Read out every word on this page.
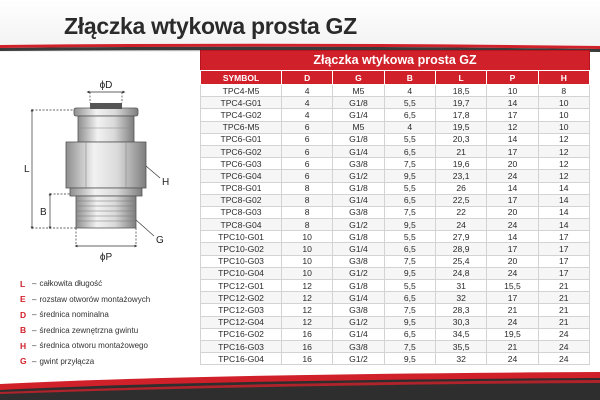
Złączka wtykowa prosta GZ
ϕD
L
B
ϕP
H
G
L – całkowita długość
E – rozstaw otworów montażowych
D – średnica nominalna
B – średnica zewnętrzna gwintu
H – średnica otworu montażowego
G – gwint przyłącza
Złączka wtykowa prosta GZ
SYMBOL	D	G	B	L	P	H
TPC4-M5	4	M5	4	18,5	10	8
TPC4-G01	4	G1/8	5,5	19,7	14	10
TPC4-G02	4	G1/4	6,5	17,8	17	10
TPC6-M5	6	M5	4	19,5	12	10
TPC6-G01	6	G1/8	5,5	20,3	14	12
TPC6-G02	6	G1/4	6,5	21	17	12
TPC6-G03	6	G3/8	7,5	19,6	20	12
TPC6-G04	6	G1/2	9,5	23,1	24	12
TPC8-G01	8	G1/8	5,5	26	14	14
TPC8-G02	8	G1/4	6,5	22,5	17	14
TPC8-G03	8	G3/8	7,5	22	20	14
TPC8-G04	8	G1/2	9,5	24	24	14
TPC10-G01	10	G1/8	5,5	27,9	14	17
TPC10-G02	10	G1/4	6,5	28,9	17	17
TPC10-G03	10	G3/8	7,5	25,4	20	17
TPC10-G04	10	G1/2	9,5	24,8	24	17
TPC12-G01	12	G1/8	5,5	31	15,5	21
TPC12-G02	12	G1/4	6,5	32	17	21
TPC12-G03	12	G3/8	7,5	28,3	21	21
TPC12-G04	12	G1/2	9,5	30,3	24	21
TPC16-G02	16	G1/4	6,5	34,5	19,5	24
TPC16-G03	16	G3/8	7,5	35,5	21	24
TPC16-G04	16	G1/2	9,5	32	24	24
